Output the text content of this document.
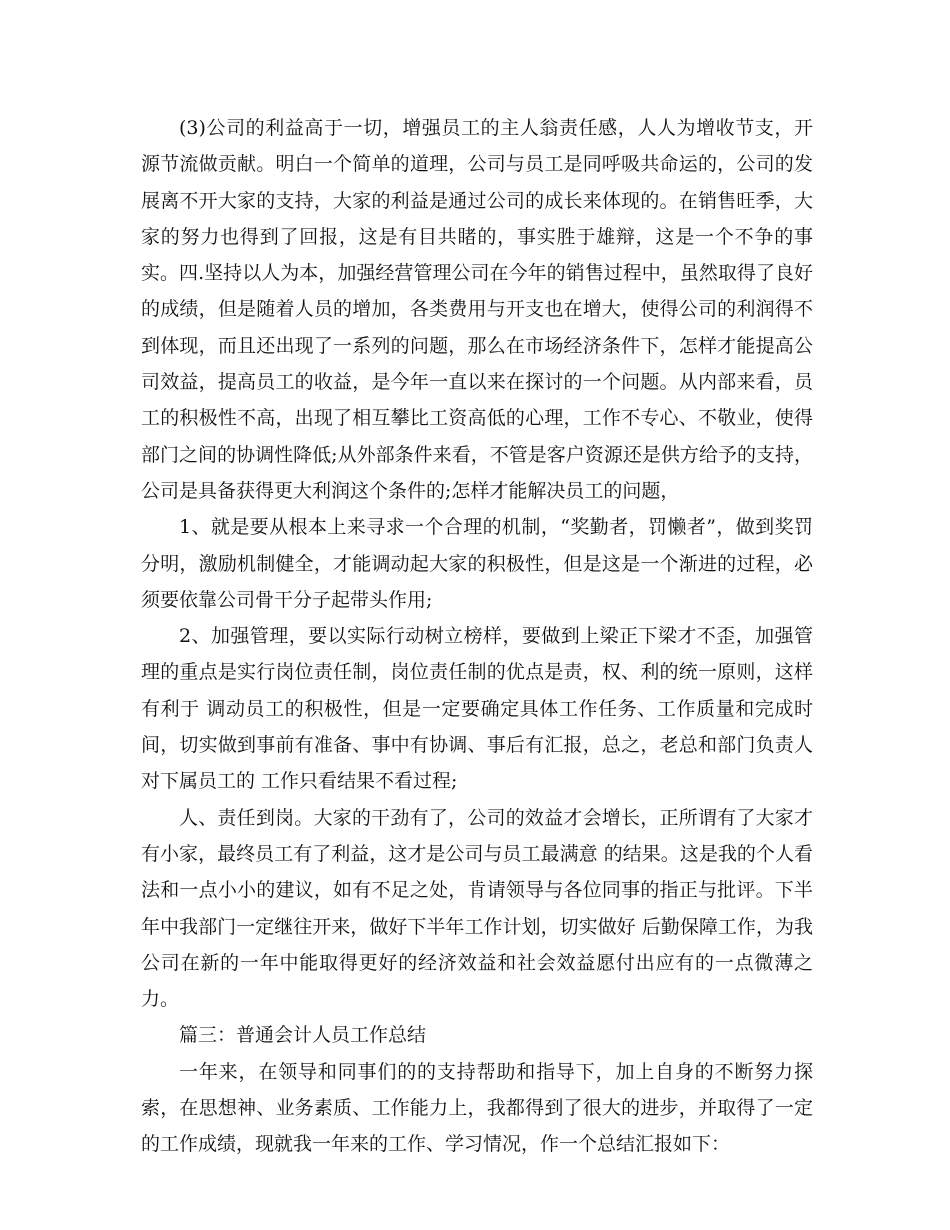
(3)公司的利益高于一切，增强员工的主人翁责任感，人人为增收节支，开源节流做贡献。明白一个简单的道理，公司与员工是同呼吸共命运的，公司的发展离不开大家的支持，大家的利益是通过公司的成长来体现的。在销售旺季，大家的努力也得到了回报，这是有目共睹的，事实胜于雄辩，这是一个不争的事实。四.坚持以人为本，加强经营管理公司在今年的销售过程中，虽然取得了良好的成绩，但是随着人员的增加，各类费用与开支也在增大，使得公司的利润得不到体现，而且还出现了一系列的问题，那么在市场经济条件下，怎样才能提高公司效益，提高员工的收益，是今年一直以来在探讨的一个问题。从内部来看，员工的积极性不高，出现了相互攀比工资高低的心理，工作不专心、不敬业，使得部门之间的协调性降低;从外部条件来看，不管是客户资源还是供方给予的支持，公司是具备获得更大利润这个条件的;怎样才能解决员工的问题，

1、就是要从根本上来寻求一个合理的机制，“奖勤者，罚懒者”，做到奖罚分明，激励机制健全，才能调动起大家的积极性，但是这是一个渐进的过程，必须要依靠公司骨干分子起带头作用;

2、加强管理，要以实际行动树立榜样，要做到上梁正下梁才不歪，加强管理的重点是实行岗位责任制，岗位责任制的优点是责，权、利的统一原则，这样有利于 调动员工的积极性，但是一定要确定具体工作任务、工作质量和完成时间，切实做到事前有准备、事中有协调、事后有汇报，总之，老总和部门负责人对下属员工的 工作只看结果不看过程;

人、责任到岗。大家的干劲有了，公司的效益才会增长，正所谓有了大家才有小家，最终员工有了利益，这才是公司与员工最满意 的结果。这是我的个人看法和一点小小的建议，如有不足之处，肯请领导与各位同事的指正与批评。下半年中我部门一定继往开来，做好下半年工作计划，切实做好 后勤保障工作，为我公司在新的一年中能取得更好的经济效益和社会效益愿付出应有的一点微薄之力。

篇三：普通会计人员工作总结

一年来，在领导和同事们的的支持帮助和指导下，加上自身的不断努力探索，在思想神、业务素质、工作能力上，我都得到了很大的进步，并取得了一定的工作成绩，现就我一年来的工作、学习情况，作一个总结汇报如下：
